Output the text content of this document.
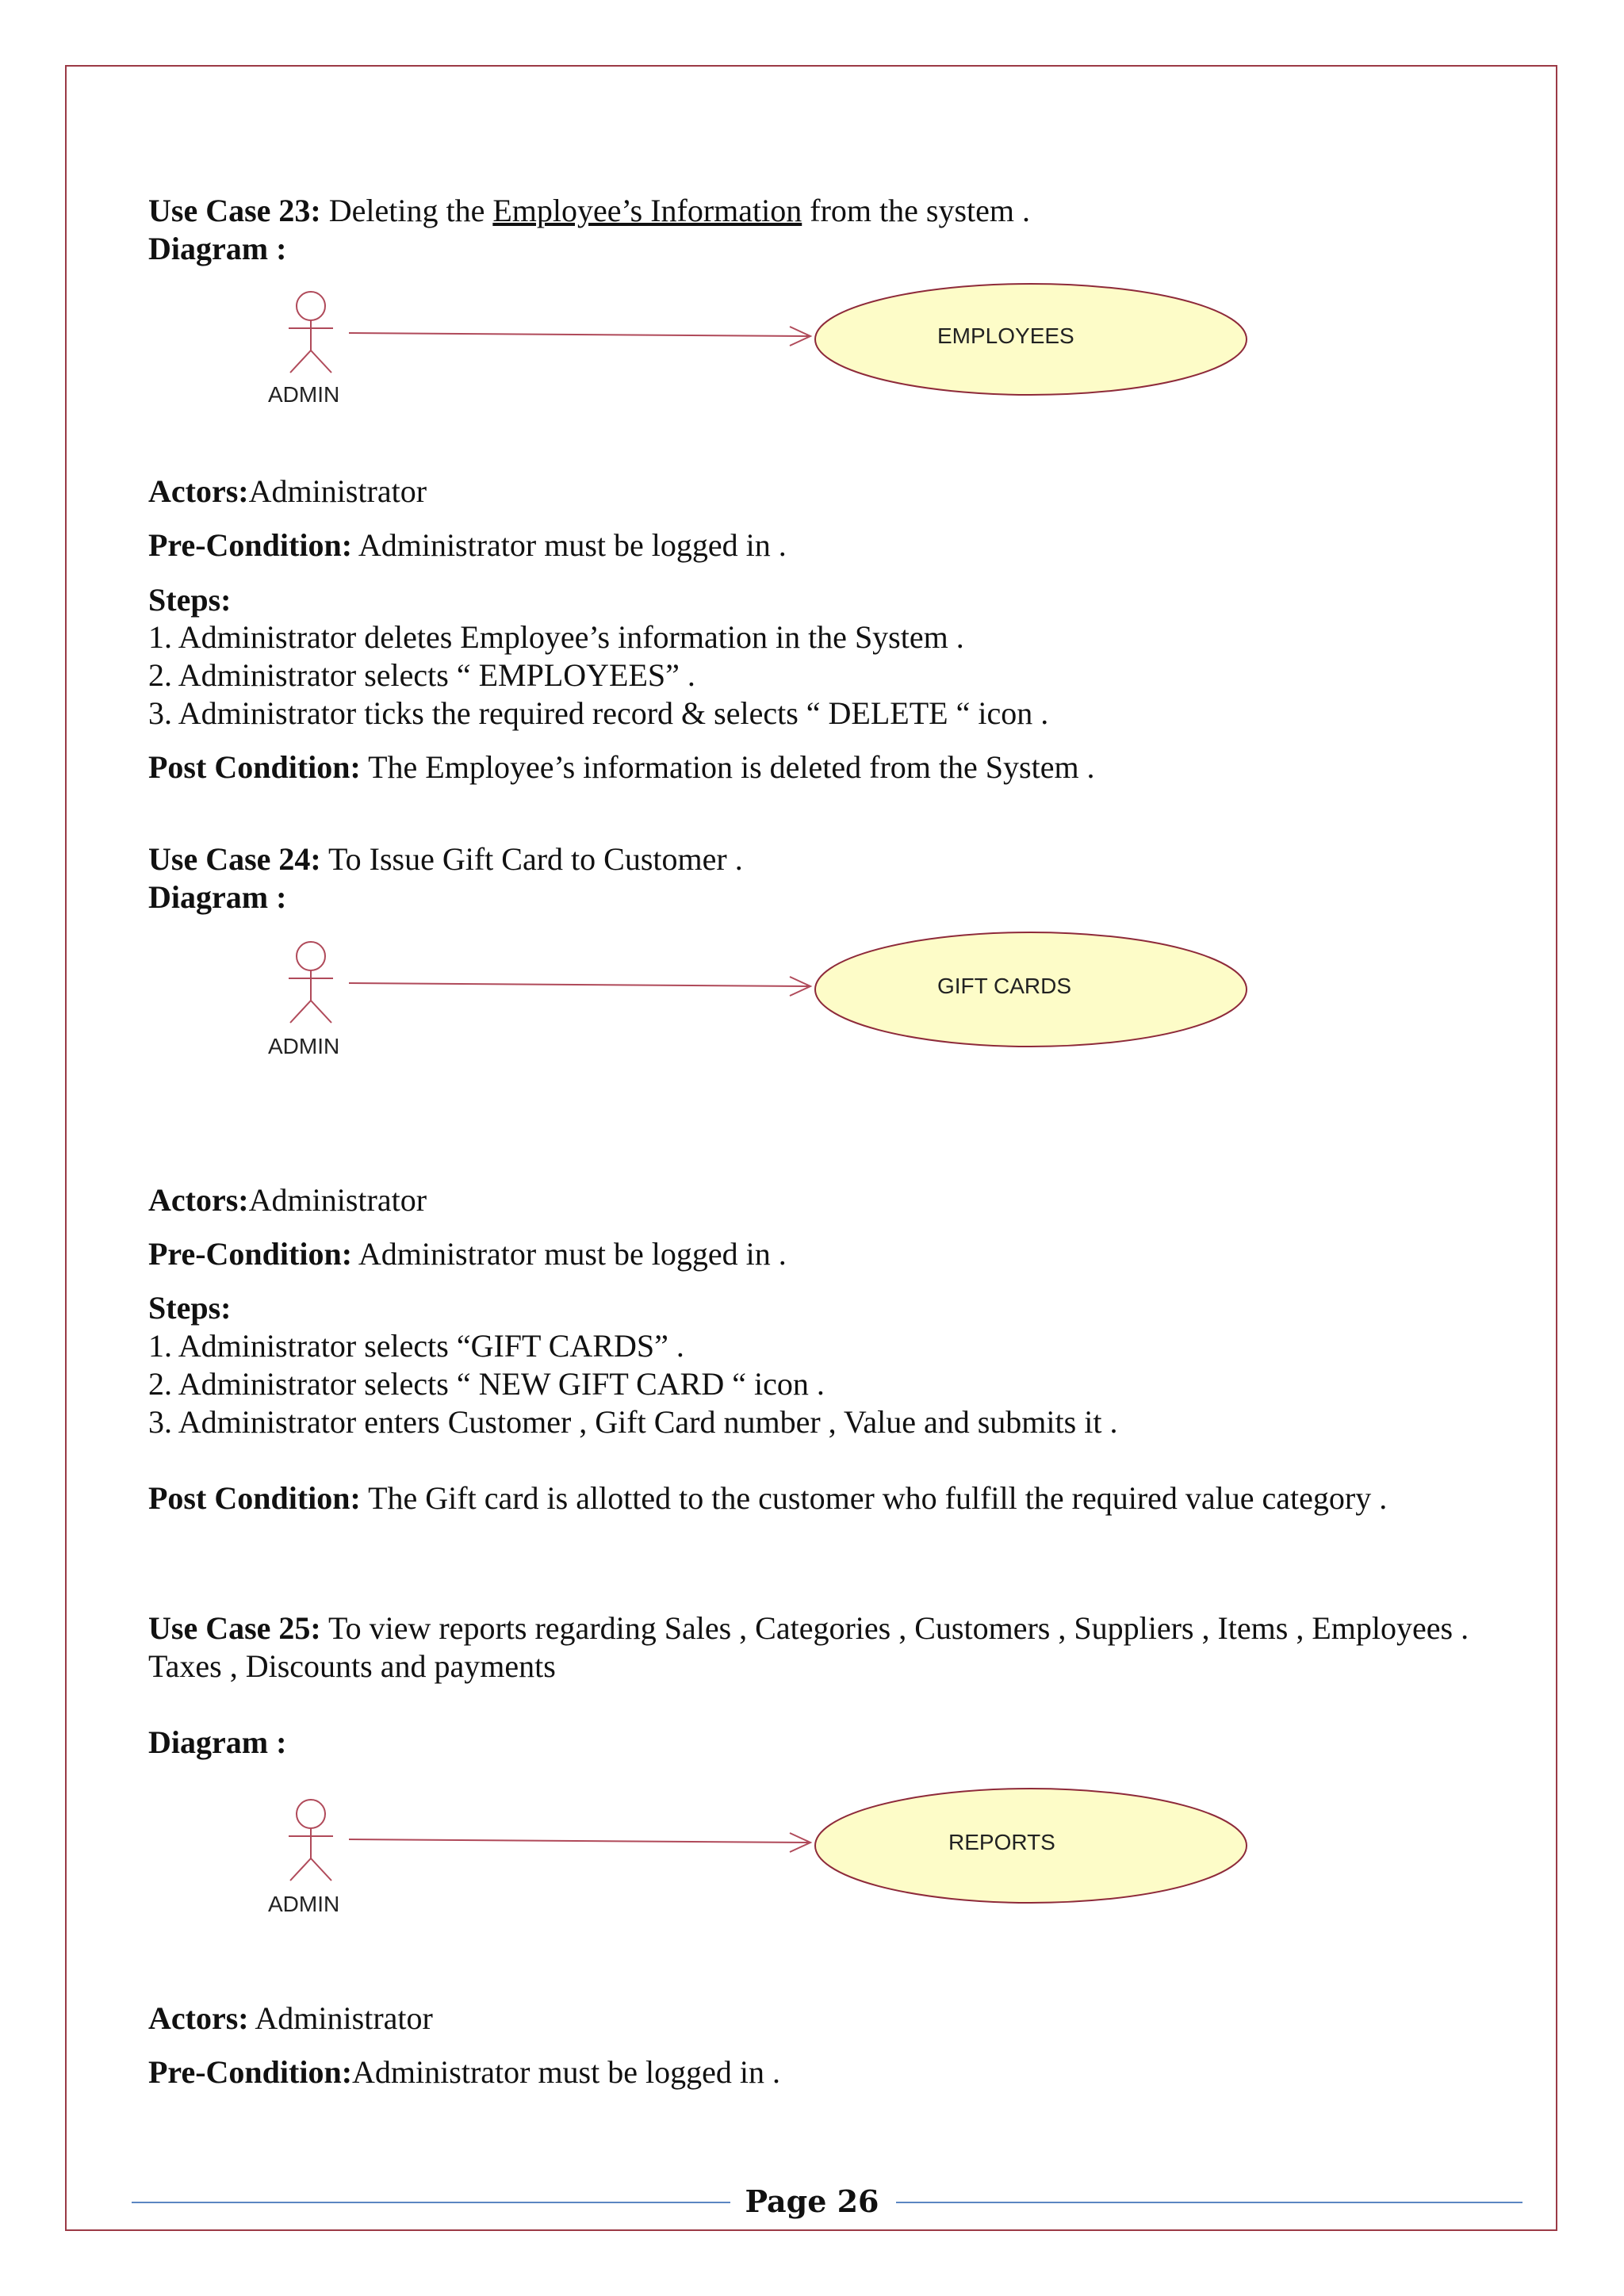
Use Case 23: Deleting the Employee’s Information from the system .
Diagram :
ADMIN
EMPLOYEES
Actors:Administrator
Pre-Condition: Administrator must be logged in .
Steps:
1. Administrator deletes Employee’s information in the System .
2. Administrator selects “ EMPLOYEES” .
3. Administrator ticks the required record & selects “ DELETE “ icon .
Post Condition: The Employee’s information is deleted from the System .
Use Case 24: To Issue Gift Card to Customer .
Diagram :
ADMIN
GIFT CARDS
Actors:Administrator
Pre-Condition: Administrator must be logged in .
Steps:
1. Administrator selects “GIFT CARDS” .
2. Administrator selects “ NEW GIFT CARD “ icon .
3. Administrator enters Customer , Gift Card number , Value and submits it .
Post Condition: The Gift card is allotted to the customer who fulfill the required value category .
Use Case 25: To view reports regarding Sales , Categories , Customers , Suppliers , Items , Employees . Taxes , Discounts and payments
Diagram :
ADMIN
REPORTS
Actors: Administrator
Pre-Condition:Administrator must be logged in .
Page 26
